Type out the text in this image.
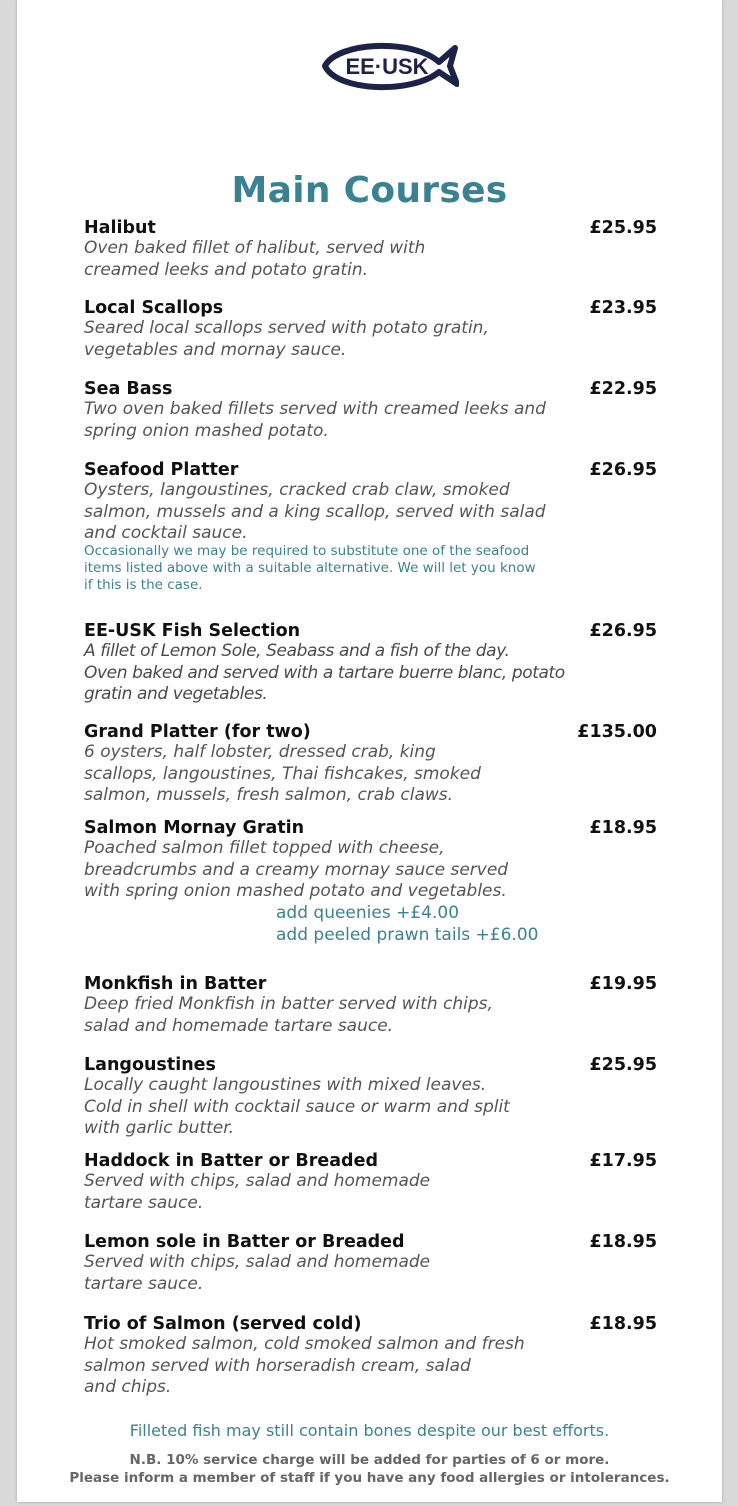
EE·USK
Main Courses
Halibut	£25.95
Oven baked fillet of halibut, served with
creamed leeks and potato gratin.
Local Scallops	£23.95
Seared local scallops served with potato gratin,
vegetables and mornay sauce.
Sea Bass	£22.95
Two oven baked fillets served with creamed leeks and
spring onion mashed potato.
Seafood Platter	£26.95
Oysters, langoustines, cracked crab claw, smoked
salmon, mussels and a king scallop, served with salad
and cocktail sauce.
Occasionally we may be required to substitute one of the seafood
items listed above with a suitable alternative. We will let you know
if this is the case.
EE-USK Fish Selection	£26.95
A fillet of Lemon Sole, Seabass and a fish of the day.
Oven baked and served with a tartare buerre blanc, potato
gratin and vegetables.
Grand Platter (for two)	£135.00
6 oysters, half lobster, dressed crab, king
scallops, langoustines, Thai fishcakes, smoked
salmon, mussels, fresh salmon, crab claws.
Salmon Mornay Gratin	£18.95
Poached salmon fillet topped with cheese,
breadcrumbs and a creamy mornay sauce served
with spring onion mashed potato and vegetables.
add queenies +£4.00
add peeled prawn tails +£6.00
Monkfish in Batter	£19.95
Deep fried Monkfish in batter served with chips,
salad and homemade tartare sauce.
Langoustines	£25.95
Locally caught langoustines with mixed leaves.
Cold in shell with cocktail sauce or warm and split
with garlic butter.
Haddock in Batter or Breaded	£17.95
Served with chips, salad and homemade
tartare sauce.
Lemon sole in Batter or Breaded	£18.95
Served with chips, salad and homemade
tartare sauce.
Trio of Salmon (served cold)	£18.95
Hot smoked salmon, cold smoked salmon and fresh
salmon served with horseradish cream, salad
and chips.
Filleted fish may still contain bones despite our best efforts.
N.B. 10% service charge will be added for parties of 6 or more.
Please inform a member of staff if you have any food allergies or intolerances.
